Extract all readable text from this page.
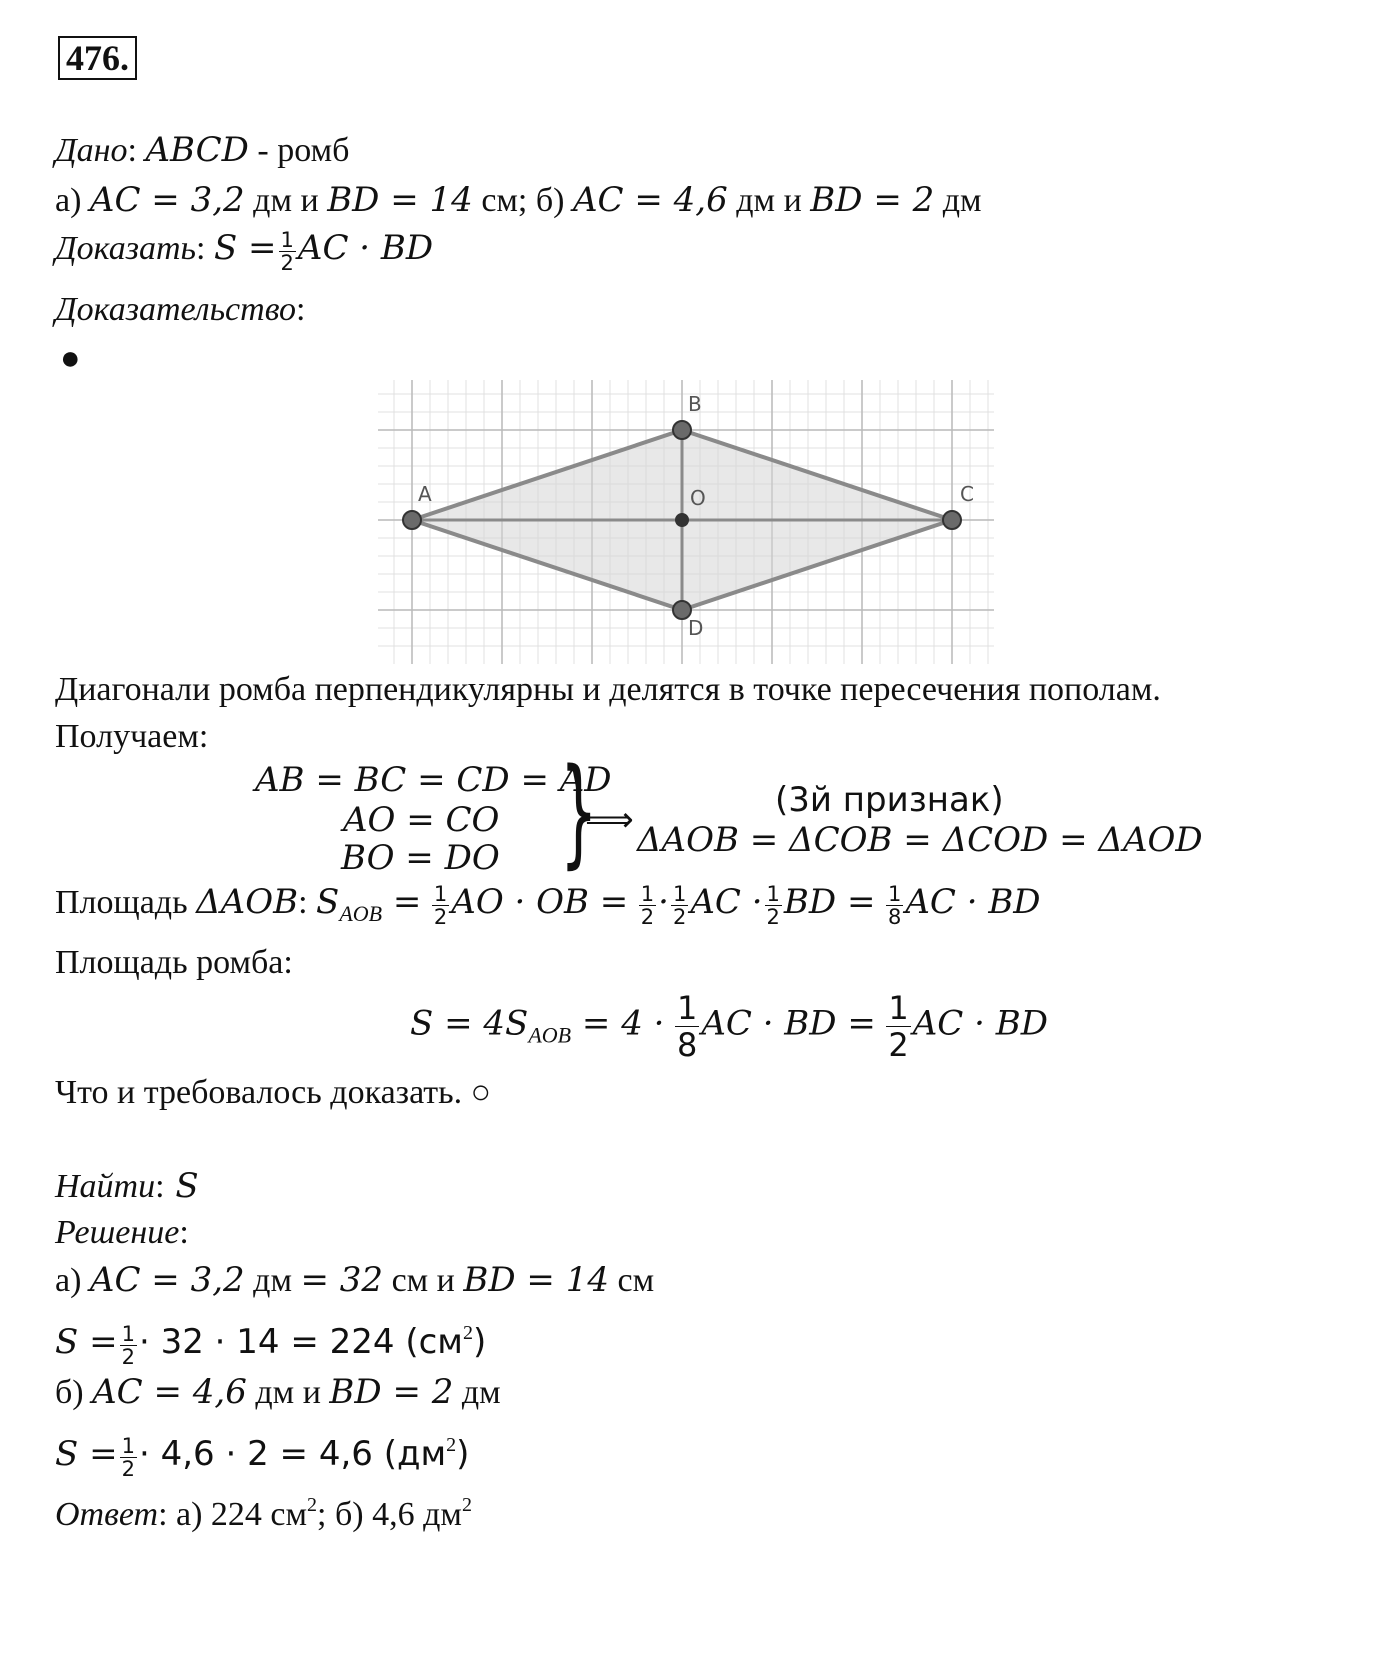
476.
Дано: ABCD - ромб
а) AC = 3,2 дм и BD = 14 см; б) AC = 4,6 дм и BD = 2 дм
Доказать: $S = \frac{1}{2}$ AC · BD
Доказательство:
●
A
B
C
D
O
Диагонали ромба перпендикулярны и делятся в точке пересечения пополам.
Получаем:
AB = BC = CD = AD
AO = CO
BO = DO }
⟹	(3й признак)
ΔAOB = ΔCOB = ΔCOD = ΔAOD
Площадь ΔAOB: $S_{AOB} = \frac{1}{2}$ AO · OB = $\frac{1}{2} \cdot \frac{1}{2}$ AC · $\frac{1}{2}$ BD = $\frac{1}{8}$ AC · BD
Площадь ромба:
$S = 4S_{AOB} = 4 \cdot \frac{1}{8}$ AC · BD = $\frac{1}{2}$ AC · BD
Что и требовалось доказать. ○
Найти: S
Решение:
а) AC = 3,2 дм = 32 см и BD = 14 см
$S = \frac{1}{2} \cdot 32 \cdot 14 = 224$ $(см^2)$
б) AC = 4,6 дм и BD = 2 дм
$S = \frac{1}{2} \cdot 4,6 \cdot 2 = 4,6$ $(дм^2)$
Ответ: а) 224 $см^2$; б) 4,6 $дм^2$
